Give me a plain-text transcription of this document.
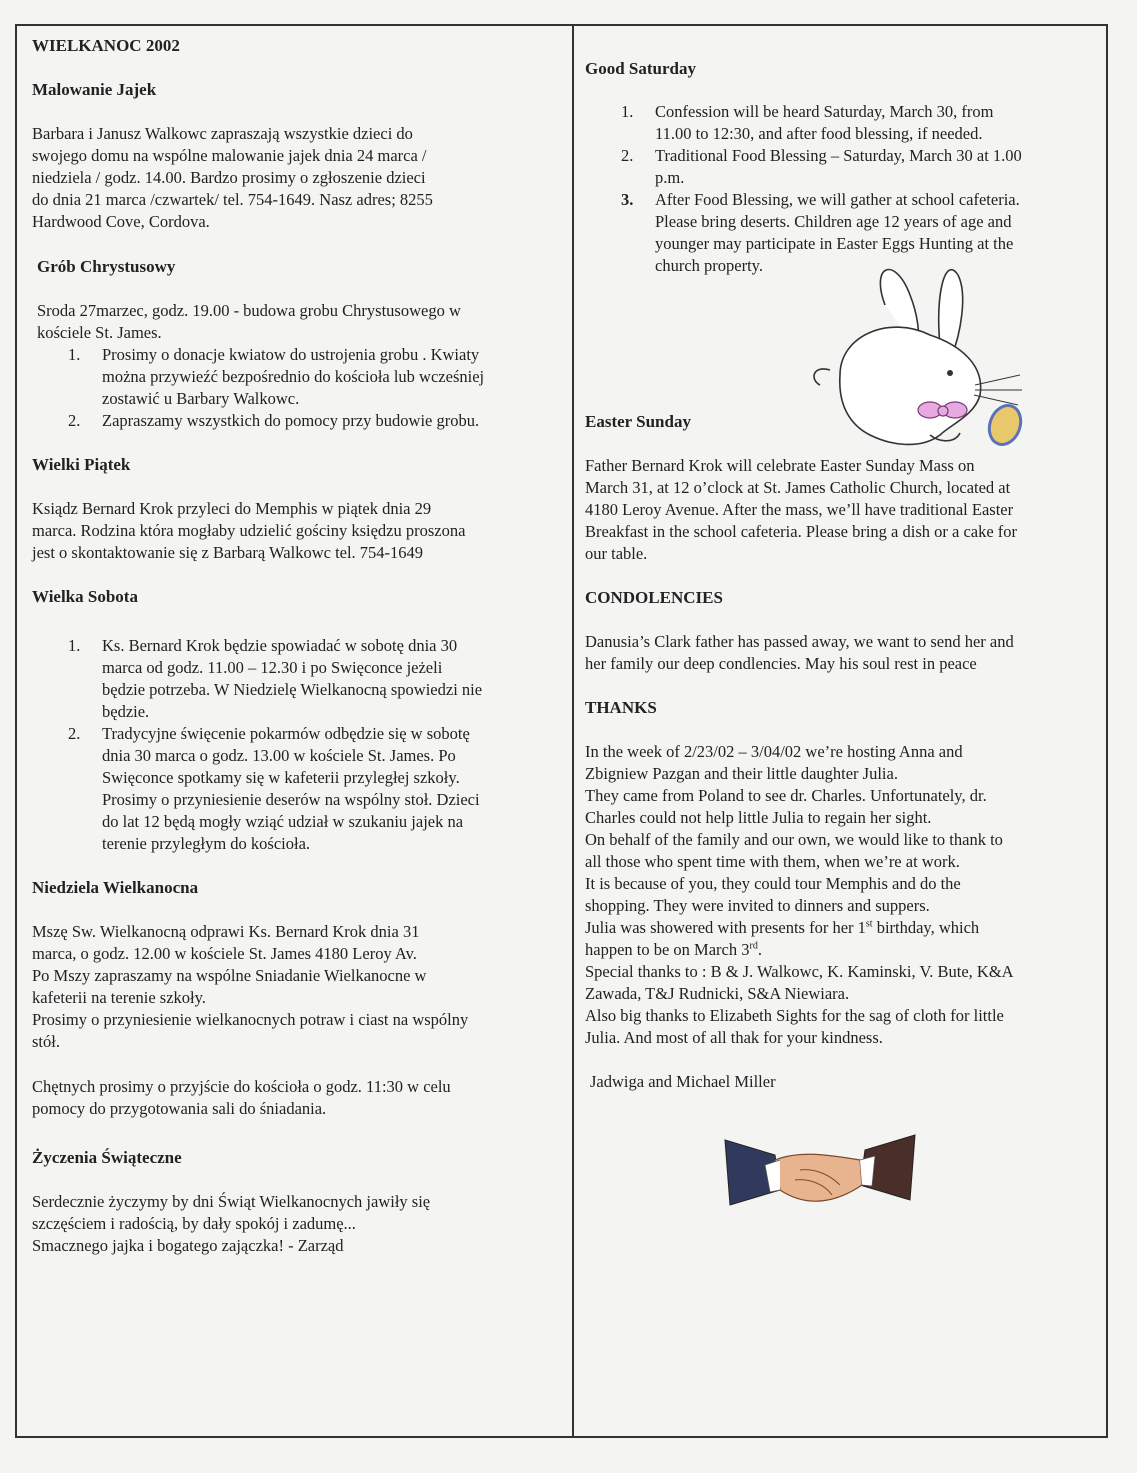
WIELKANOC 2002
Malowanie Jajek
Barbara i Janusz Walkowc zapraszają wszystkie dzieci do
swojego domu na wspólne malowanie jajek dnia 24 marca /
niedziela / godz. 14.00. Bardzo prosimy o zgłoszenie dzieci
do dnia 21 marca /czwartek/ tel. 754-1649. Nasz adres; 8255
Hardwood Cove, Cordova.
Grób Chrystusowy
Sroda 27marzec, godz. 19.00 - budowa grobu Chrystusowego w
kościele St. James.
1. Prosimy o donacje kwiatow do ustrojenia grobu . Kwiaty
można przywieźć bezpośrednio do kościoła lub wcześniej
zostawić u Barbary Walkowc.
2. Zapraszamy wszystkich do pomocy przy budowie grobu.
Wielki Piątek
Ksiądz Bernard Krok przyleci do Memphis w piątek dnia 29
marca. Rodzina która mogłaby udzielić gościny księdzu proszona
jest o skontaktowanie się z Barbarą Walkowc tel. 754-1649
Wielka Sobota
1. Ks. Bernard Krok będzie spowiadać w sobotę dnia 30
marca od godz. 11.00 – 12.30 i po Swięconce jeżeli
będzie potrzeba. W Niedzielę Wielkanocną spowiedzi nie
będzie.
2. Tradycyjne święcenie pokarmów odbędzie się w sobotę
dnia 30 marca o godz. 13.00 w kościele St. James. Po
Swięconce spotkamy się w kafeterii przyległej szkoły.
Prosimy o przyniesienie deserów na wspólny stoł. Dzieci
do lat 12 będą mogły wziąć udział w szukaniu jajek na
terenie przyległym do kościoła.
Niedziela Wielkanocna
Mszę Sw. Wielkanocną odprawi Ks. Bernard Krok dnia 31
marca, o godz. 12.00 w kościele St. James 4180 Leroy Av.
Po Mszy zapraszamy na wspólne Sniadanie Wielkanocne w
kafeterii na terenie szkoły.
Prosimy o przyniesienie wielkanocnych potraw i ciast na wspólny
stół.
Chętnych prosimy o przyjście do kościoła o godz. 11:30 w celu
pomocy do przygotowania sali do śniadania.
Życzenia Świąteczne
Serdecznie życzymy by dni Świąt Wielkanocnych jawiły się
szczęściem i radością, by dały spokój i zadumę...
Smacznego jajka i bogatego zajączka! - Zarząd
Good Saturday
1. Confession will be heard Saturday, March 30, from
11.00 to 12:30, and after food blessing, if needed.
2. Traditional Food Blessing – Saturday, March 30 at 1.00
p.m.
3. After Food Blessing, we will gather at school cafeteria.
Please bring deserts. Children age 12 years of age and
younger may participate in Easter Eggs Hunting at the
church property.
Easter Sunday
Father Bernard Krok will celebrate Easter Sunday Mass on
March 31, at 12 o’clock at St. James Catholic Church, located at
4180 Leroy Avenue. After the mass, we’ll have traditional Easter
Breakfast in the school cafeteria. Please bring a dish or a cake for
our table.
CONDOLENCIES
Danusia’s Clark father has passed away, we want to send her and
her family our deep condlencies. May his soul rest in peace
THANKS
In the week of 2/23/02 – 3/04/02 we’re hosting Anna and
Zbigniew Pazgan and their little daughter Julia.
They came from Poland to see dr. Charles. Unfortunately, dr.
Charles could not help little Julia to regain her sight.
On behalf of the family and our own, we would like to thank to
all those who spent time with them, when we’re at work.
It is because of you, they could tour Memphis and do the
shopping. They were invited to dinners and suppers.
Julia was showered with presents for her 1st birthday, which
happen to be on March 3rd.
Special thanks to : B & J. Walkowc, K. Kaminski, V. Bute, K&A
Zawada, T&J Rudnicki, S&A Niewiara.
Also big thanks to Elizabeth Sights for the sag of cloth for little
Julia. And most of all thak for your kindness.
Jadwiga and Michael Miller
